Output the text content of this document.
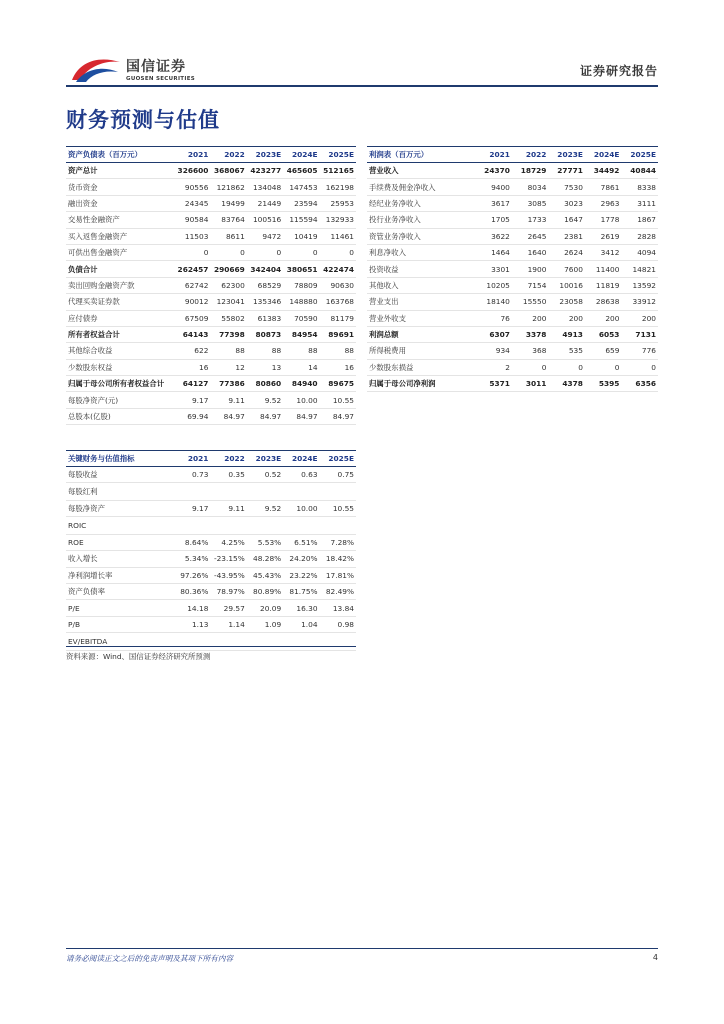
国信证券
GUOSEN SECURITIES
证券研究报告
财务预测与估值
资产负债表（百万元）	2021	2022	2023E	2024E	2025E
资产总计	326600	368067	423277	465605	512165
货币资金	90556	121862	134048	147453	162198
融出资金	24345	19499	21449	23594	25953
交易性金融资产	90584	83764	100516	115594	132933
买入返售金融资产	11503	8611	9472	10419	11461
可供出售金融资产	0	0	0	0	0
负债合计	262457	290669	342404	380651	422474
卖出回购金融资产款	62742	62300	68529	78809	90630
代理买卖证券款	90012	123041	135346	148880	163768
应付债券	67509	55802	61383	70590	81179
所有者权益合计	64143	77398	80873	84954	89691
其他综合收益	622	88	88	88	88
少数股东权益	16	12	13	14	16
归属于母公司所有者权益合计	64127	77386	80860	84940	89675
每股净资产(元)	9.17	9.11	9.52	10.00	10.55
总股本(亿股)	69.94	84.97	84.97	84.97	84.97
利润表（百万元）	2021	2022	2023E	2024E	2025E
营业收入	24370	18729	27771	34492	40844
手续费及佣金净收入	9400	8034	7530	7861	8338
经纪业务净收入	3617	3085	3023	2963	3111
投行业务净收入	1705	1733	1647	1778	1867
资管业务净收入	3622	2645	2381	2619	2828
利息净收入	1464	1640	2624	3412	4094
投资收益	3301	1900	7600	11400	14821
其他收入	10205	7154	10016	11819	13592
营业支出	18140	15550	23058	28638	33912
营业外收支	76	200	200	200	200
利润总额	6307	3378	4913	6053	7131
所得税费用	934	368	535	659	776
少数股东损益	2	0	0	0	0
归属于母公司净利润	5371	3011	4378	5395	6356
关键财务与估值指标	2021	2022	2023E	2024E	2025E
每股收益	0.73	0.35	0.52	0.63	0.75
每股红利					
每股净资产	9.17	9.11	9.52	10.00	10.55
ROIC					
ROE	8.64%	4.25%	5.53%	6.51%	7.28%
收入增长	5.34%	-23.15%	48.28%	24.20%	18.42%
净利润增长率	97.26%	-43.95%	45.43%	23.22%	17.81%
资产负债率	80.36%	78.97%	80.89%	81.75%	82.49%
P/E	14.18	29.57	20.09	16.30	13.84
P/B	1.13	1.14	1.09	1.04	0.98
EV/EBITDA					
资料来源：Wind、国信证券经济研究所预测
请务必阅读正文之后的免责声明及其项下所有内容	4
